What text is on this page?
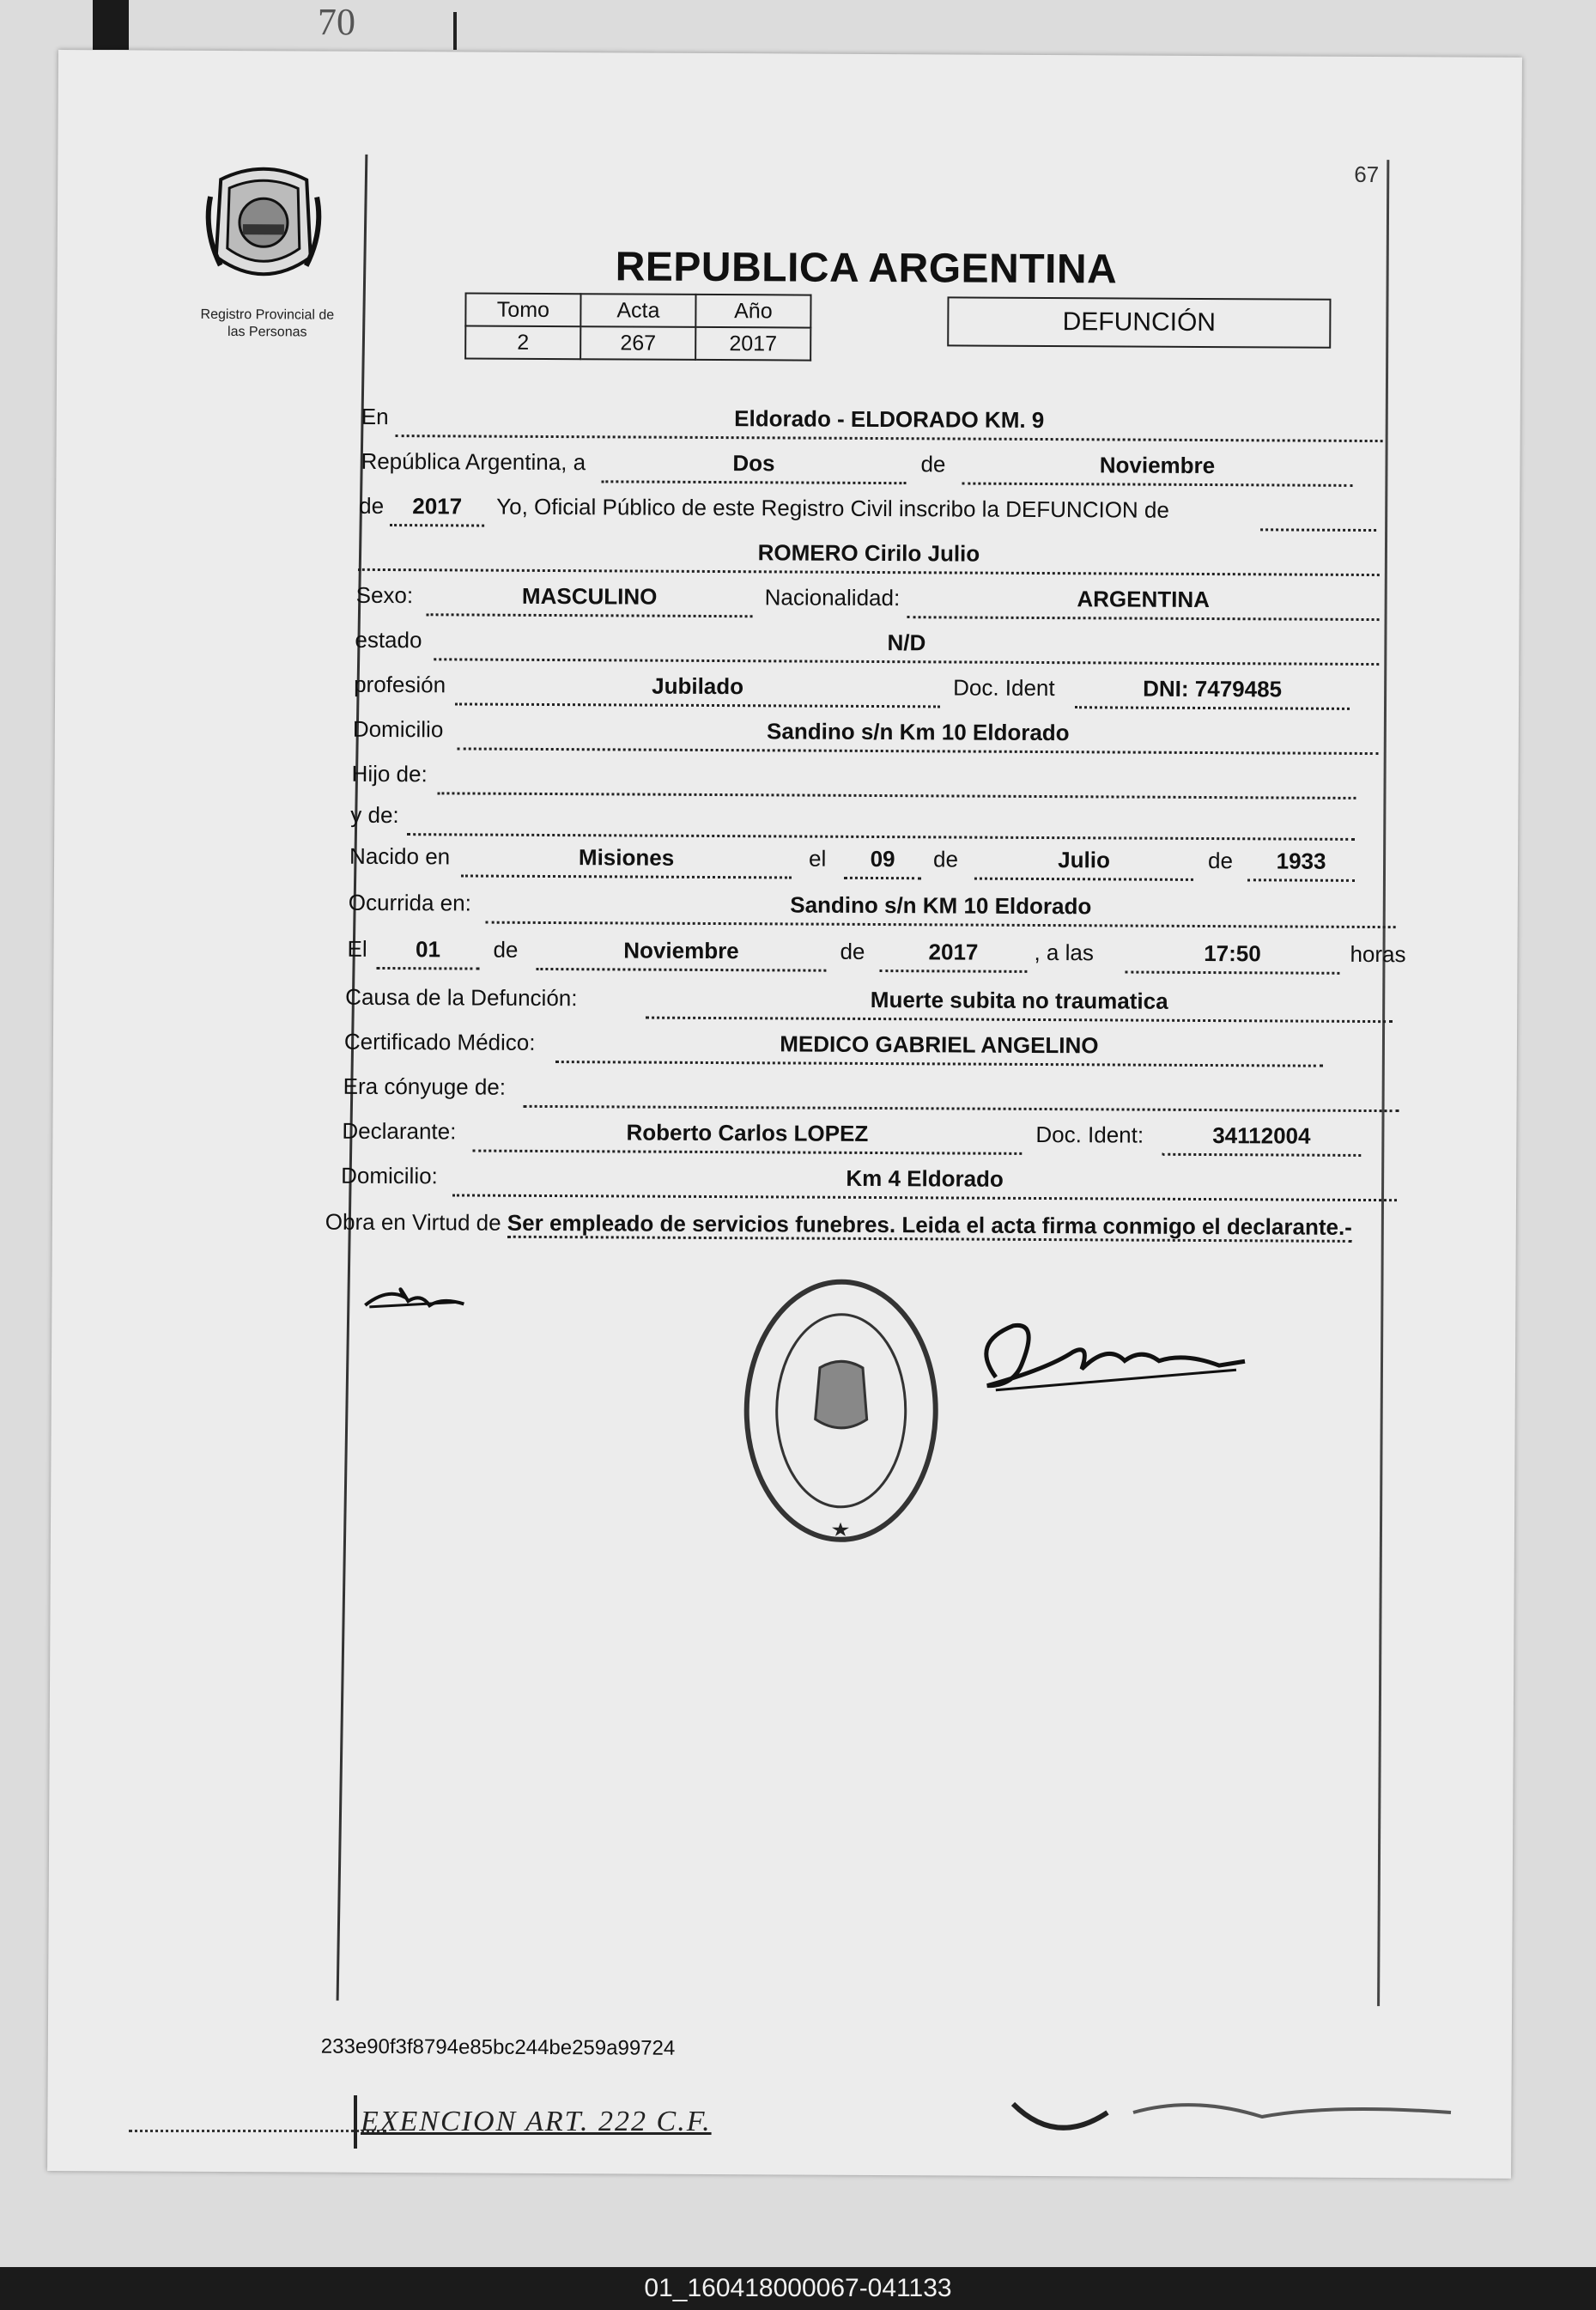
70
67
Registro Provincial de
las Personas
REPUBLICA ARGENTINA
Tomo	Acta	Año
2	267	2017
DEFUNCIÓN
En	Eldorado - ELDORADO KM. 9
República Argentina, a	Dos	de	Noviembre
de	2017	Yo, Oficial Público de este Registro Civil inscribo la DEFUNCION de
ROMERO Cirilo Julio
Sexo:	MASCULINO	Nacionalidad:	ARGENTINA
estado	N/D
profesión	Jubilado	Doc. Ident	DNI: 7479485
Domicilio	Sandino s/n Km 10 Eldorado
Hijo de:
y de:
Nacido en	Misiones	el	09	de	Julio	de	1933
Ocurrida en:	Sandino s/n KM 10 Eldorado
El	01	de	Noviembre	de	2017	, a las	17:50	horas
Causa de la Defunción:	Muerte subita no traumatica
Certificado Médico:	MEDICO GABRIEL ANGELINO
Era cónyuge de:
Declarante:	Roberto Carlos LOPEZ	Doc. Ident:	34112004
Domicilio:	Km 4 Eldorado
Obra en Virtud de Ser empleado de servicios funebres. Leida el acta firma conmigo el declarante.-
233e90f3f8794e85bc244be259a99724
EXENCION ART. 222 C.F.
01_160418000067-041133
